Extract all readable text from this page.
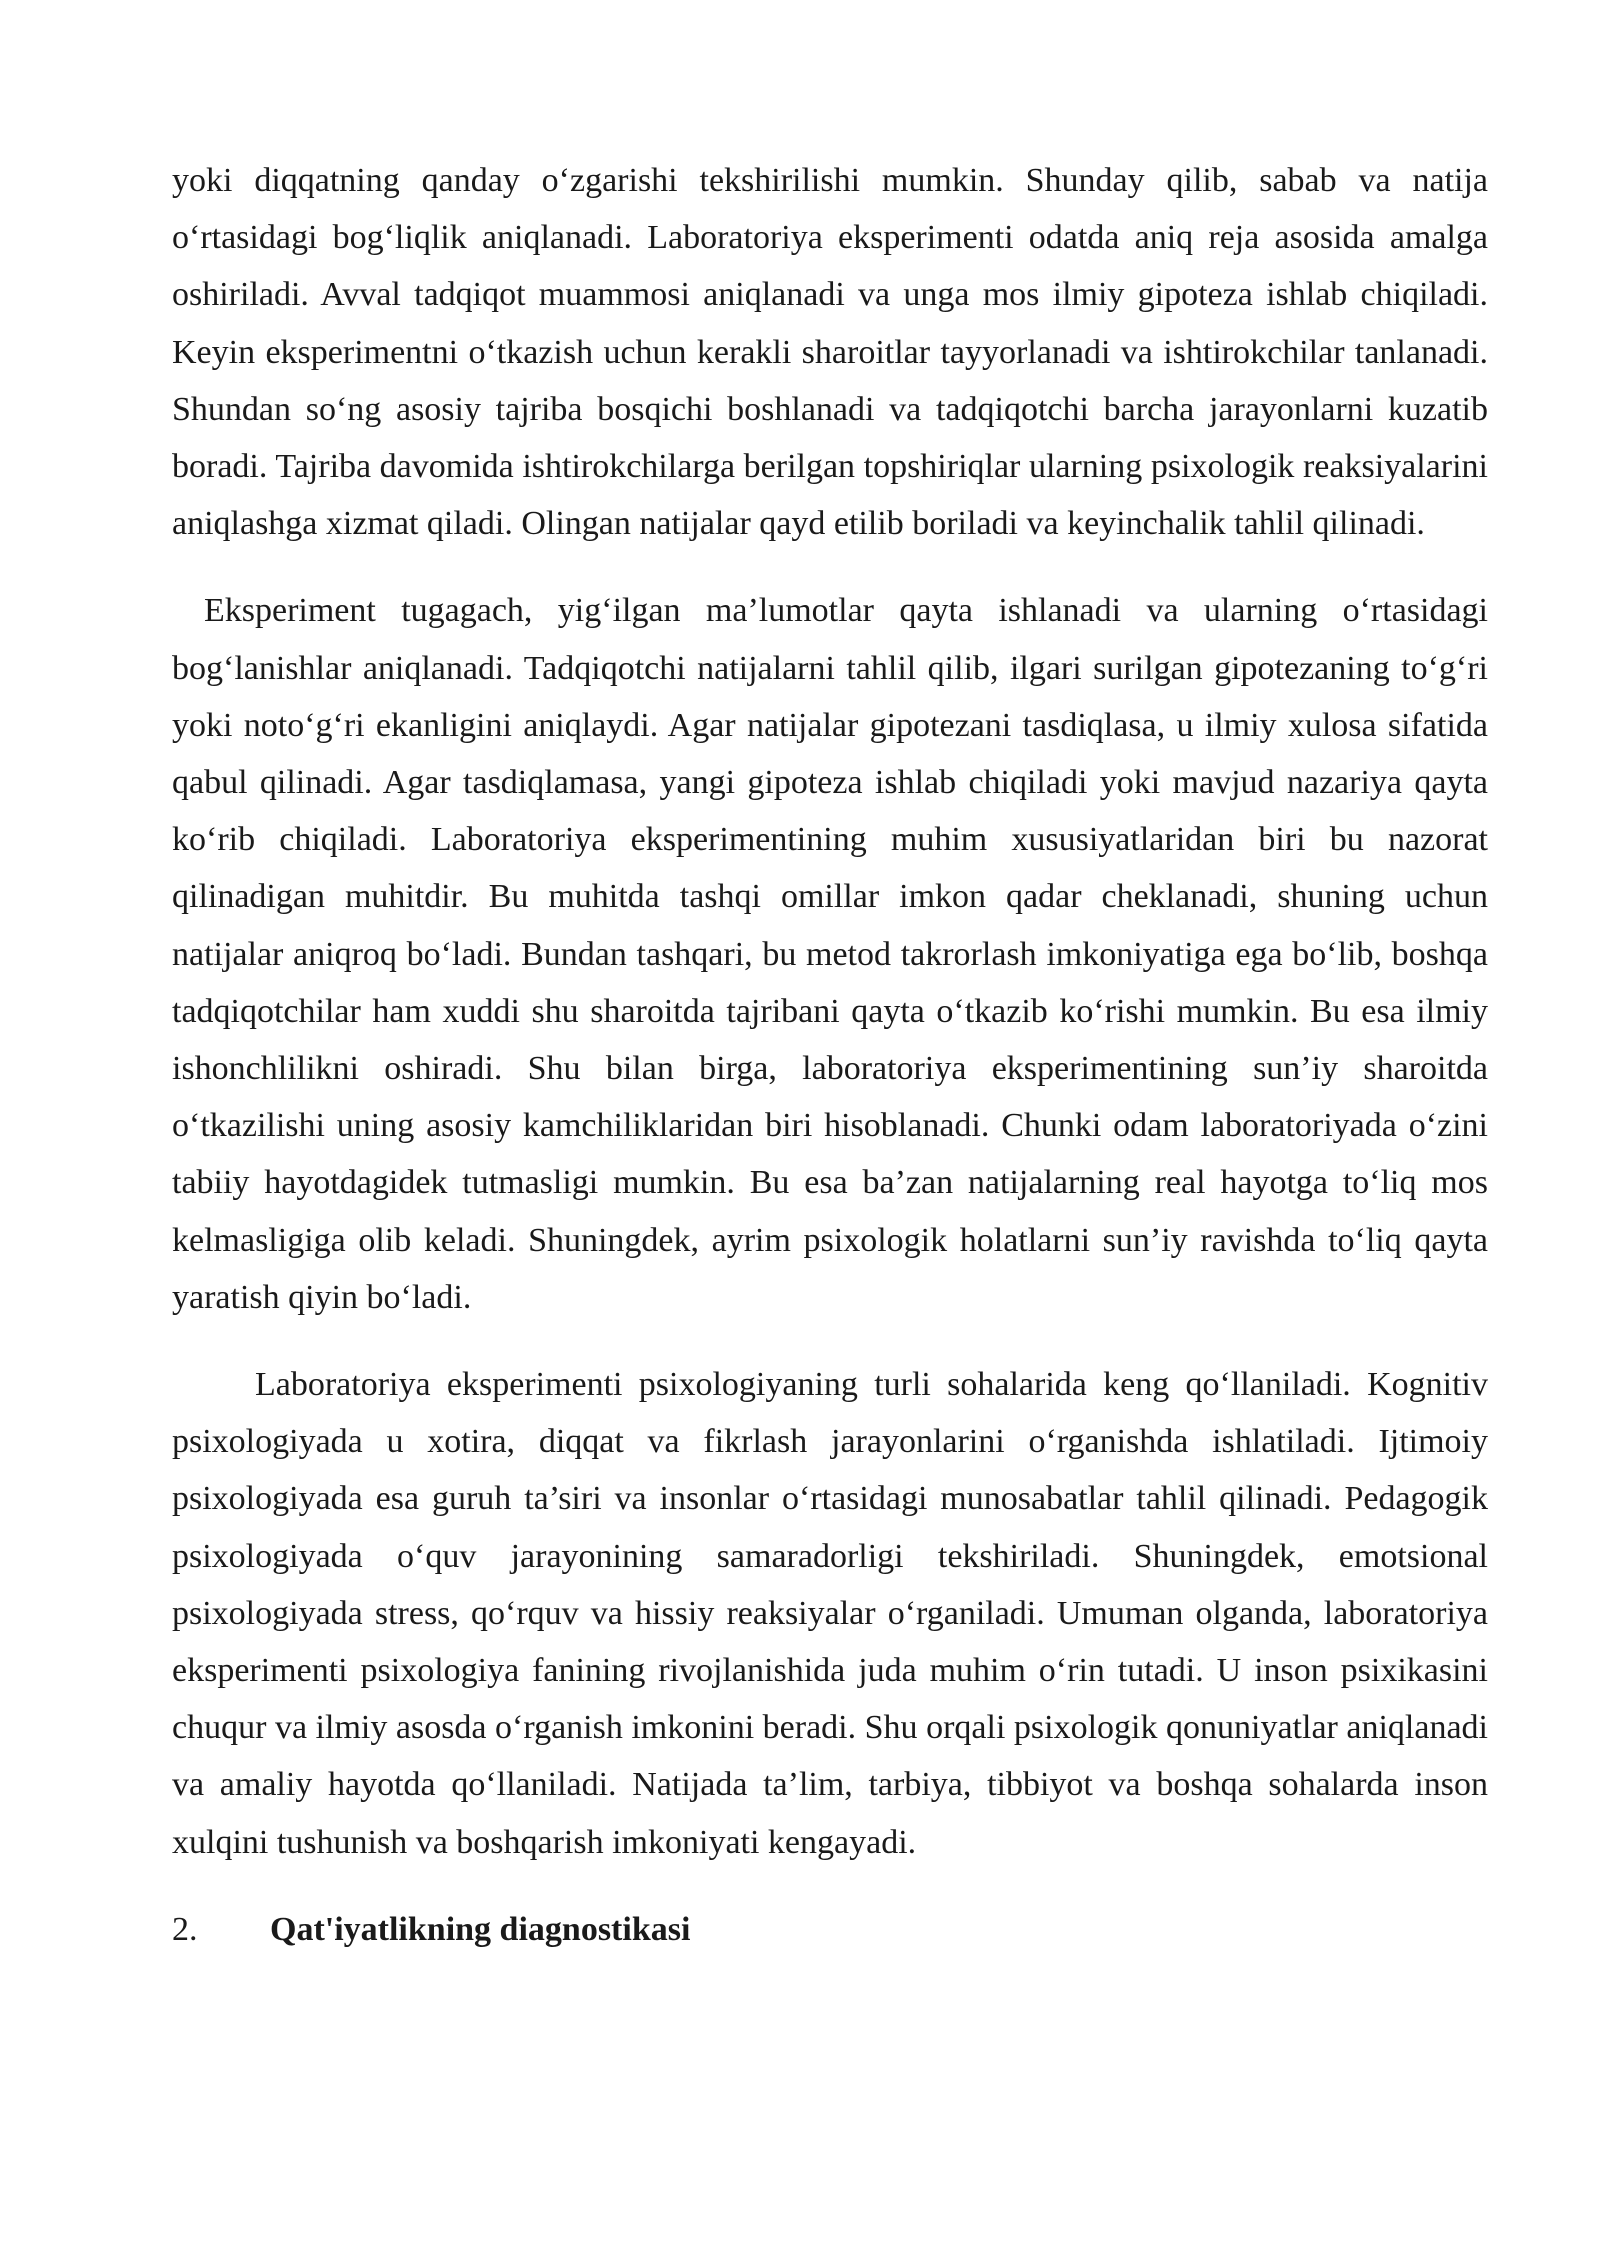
yoki diqqatning qanday o‘zgarishi tekshirilishi mumkin. Shunday qilib, sabab va natija o‘rtasidagi bog‘liqlik aniqlanadi. Laboratoriya eksperimenti odatda aniq reja asosida amalga oshiriladi. Avval tadqiqot muammosi aniqlanadi va unga mos ilmiy gipoteza ishlab chiqiladi. Keyin eksperimentni o‘tkazish uchun kerakli sharoitlar tayyorlanadi va ishtirokchilar tanlanadi. Shundan so‘ng asosiy tajriba bosqichi boshlanadi va tadqiqotchi barcha jarayonlarni kuzatib boradi. Tajriba davomida ishtirokchilarga berilgan topshiriqlar ularning psixologik reaksiyalarini aniqlashga xizmat qiladi. Olingan natijalar qayd etilib boriladi va keyinchalik tahlil qilinadi.

Eksperiment tugagach, yig‘ilgan ma’lumotlar qayta ishlanadi va ularning o‘rtasidagi bog‘lanishlar aniqlanadi. Tadqiqotchi natijalarni tahlil qilib, ilgari surilgan gipotezaning to‘g‘ri yoki noto‘g‘ri ekanligini aniqlaydi. Agar natijalar gipotezani tasdiqlasa, u ilmiy xulosa sifatida qabul qilinadi. Agar tasdiqlamasa, yangi gipoteza ishlab chiqiladi yoki mavjud nazariya qayta ko‘rib chiqiladi. Laboratoriya eksperimentining muhim xususiyatlaridan biri bu nazorat qilinadigan muhitdir. Bu muhitda tashqi omillar imkon qadar cheklanadi, shuning uchun natijalar aniqroq bo‘ladi. Bundan tashqari, bu metod takrorlash imkoniyatiga ega bo‘lib, boshqa tadqiqotchilar ham xuddi shu sharoitda tajribani qayta o‘tkazib ko‘rishi mumkin. Bu esa ilmiy ishonchlilikni oshiradi. Shu bilan birga, laboratoriya eksperimentining sun’iy sharoitda o‘tkazilishi uning asosiy kamchiliklaridan biri hisoblanadi. Chunki odam laboratoriyada o‘zini tabiiy hayotdagidek tutmasligi mumkin. Bu esa ba’zan natijalarning real hayotga to‘liq mos kelmasligiga olib keladi. Shuningdek, ayrim psixologik holatlarni sun’iy ravishda to‘liq qayta yaratish qiyin bo‘ladi.

Laboratoriya eksperimenti psixologiyaning turli sohalarida keng qo‘llaniladi. Kognitiv psixologiyada u xotira, diqqat va fikrlash jarayonlarini o‘rganishda ishlatiladi. Ijtimoiy psixologiyada esa guruh ta’siri va insonlar o‘rtasidagi munosabatlar tahlil qilinadi. Pedagogik psixologiyada o‘quv jarayonining samaradorligi tekshiriladi. Shuningdek, emotsional psixologiyada stress, qo‘rquv va hissiy reaksiyalar o‘rganiladi. Umuman olganda, laboratoriya eksperimenti psixologiya fanining rivojlanishida juda muhim o‘rin tutadi. U inson psixikasini chuqur va ilmiy asosda o‘rganish imkonini beradi. Shu orqali psixologik qonuniyatlar aniqlanadi va amaliy hayotda qo‘llaniladi. Natijada ta’lim, tarbiya, tibbiyot va boshqa sohalarda inson xulqini tushunish va boshqarish imkoniyati kengayadi.

2.	Qat'iyatlikning diagnostikasi
